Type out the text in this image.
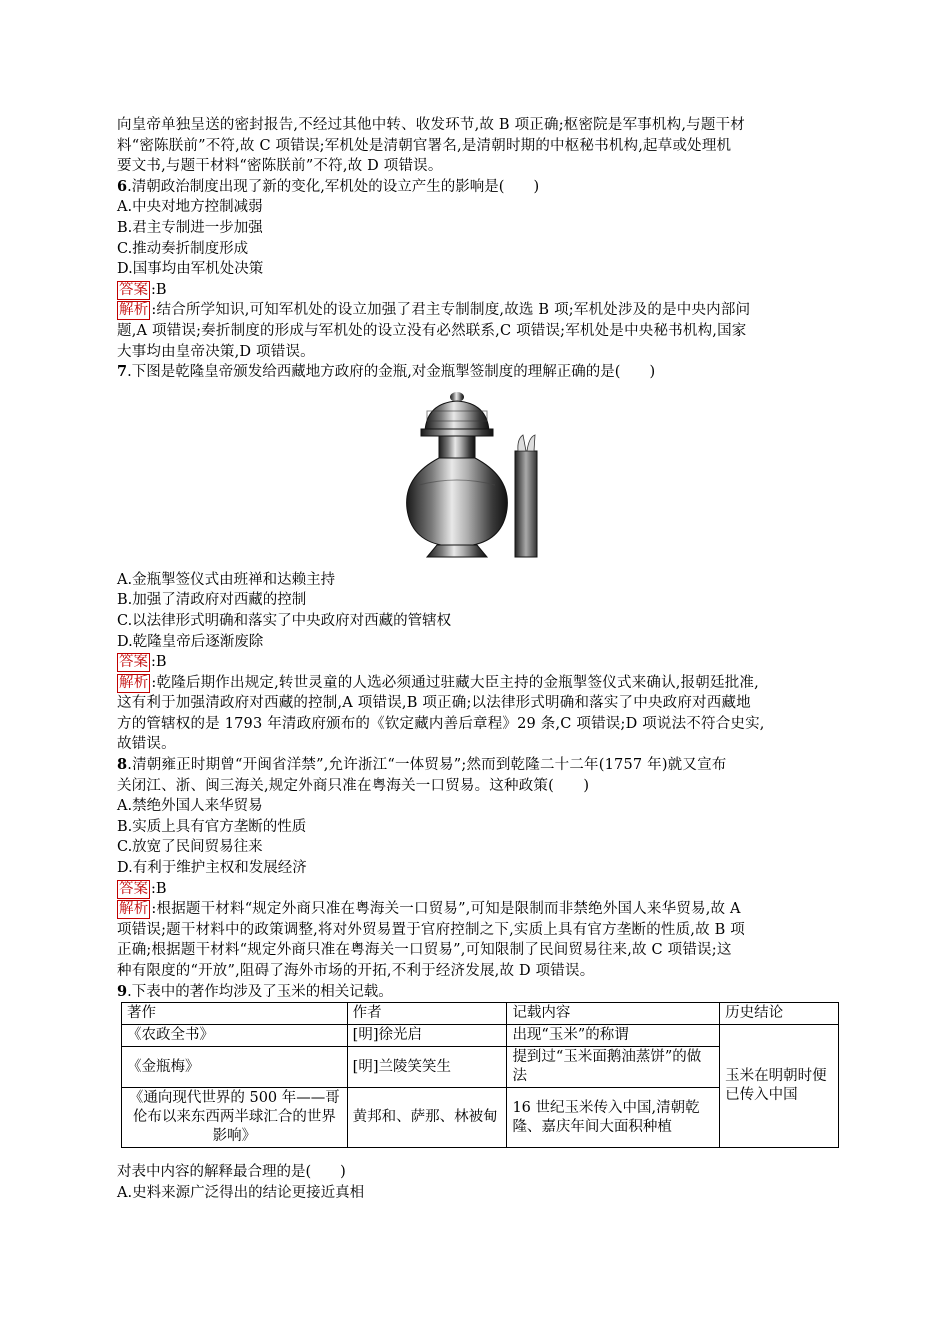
向皇帝单独呈送的密封报告,不经过其他中转、收发环节,故 B 项正确;枢密院是军事机构,与题干材

料“密陈朕前”不符,故 C 项错误;军机处是清朝官署名,是清朝时期的中枢秘书机构,起草或处理机

要文书,与题干材料“密陈朕前”不符,故 D 项错误。

6.清朝政治制度出现了新的变化,军机处的设立产生的影响是(　　)

A.中央对地方控制减弱

B.君主专制进一步加强

C.推动奏折制度形成

D.国事均由军机处决策

答案 :B

解析 :结合所学知识,可知军机处的设立加强了君主专制制度,故选 B 项;军机处涉及的是中央内部问

题,A 项错误;奏折制度的形成与军机处的设立没有必然联系,C 项错误;军机处是中央秘书机构,国家

大事均由皇帝决策,D 项错误。

7.下图是乾隆皇帝颁发给西藏地方政府的金瓶,对金瓶掣签制度的理解正确的是(　　)

A.金瓶掣签仪式由班禅和达赖主持

B.加强了清政府对西藏的控制

C.以法律形式明确和落实了中央政府对西藏的管辖权

D.乾隆皇帝后逐渐废除

答案 :B

解析 :乾隆后期作出规定,转世灵童的人选必须通过驻藏大臣主持的金瓶掣签仪式来确认,报朝廷批准,

这有利于加强清政府对西藏的控制,A 项错误,B 项正确;以法律形式明确和落实了中央政府对西藏地

方的管辖权的是 1793 年清政府颁布的《钦定藏内善后章程》29 条,C 项错误;D 项说法不符合史实,

故错误。

8.清朝雍正时期曾“开闽省洋禁”,允许浙江“一体贸易”;然而到乾隆二十二年(1757 年)就又宣布

关闭江、浙、闽三海关,规定外商只准在粤海关一口贸易。这种政策(　　)

A.禁绝外国人来华贸易

B.实质上具有官方垄断的性质

C.放宽了民间贸易往来

D.有利于维护主权和发展经济

答案 :B

解析 :根据题干材料“规定外商只准在粤海关一口贸易”,可知是限制而非禁绝外国人来华贸易,故 A

项错误;题干材料中的政策调整,将对外贸易置于官府控制之下,实质上具有官方垄断的性质,故 B 项

正确;根据题干材料“规定外商只准在粤海关一口贸易”,可知限制了民间贸易往来,故 C 项错误;这

种有限度的“开放”,阻碍了海外市场的开拓,不利于经济发展,故 D 项错误。

9.下表中的著作均涉及了玉米的相关记载。

著作	作者	记载内容	历史结论
《农政全书》	[明]徐光启	出现“玉米”的称谓	玉米在明朝时便已传入中国
《金瓶梅》	[明]兰陵笑笑生	提到过“玉米面鹅油蒸饼”的做法	
《通向现代世界的 500 年——哥伦布以来东西两半球汇合的世界影响》	黄邦和、萨那、林被甸	16 世纪玉米传入中国,清朝乾隆、嘉庆年间大面积种植	

对表中内容的解释最合理的是(　　)

A.史料来源广泛得出的结论更接近真相
